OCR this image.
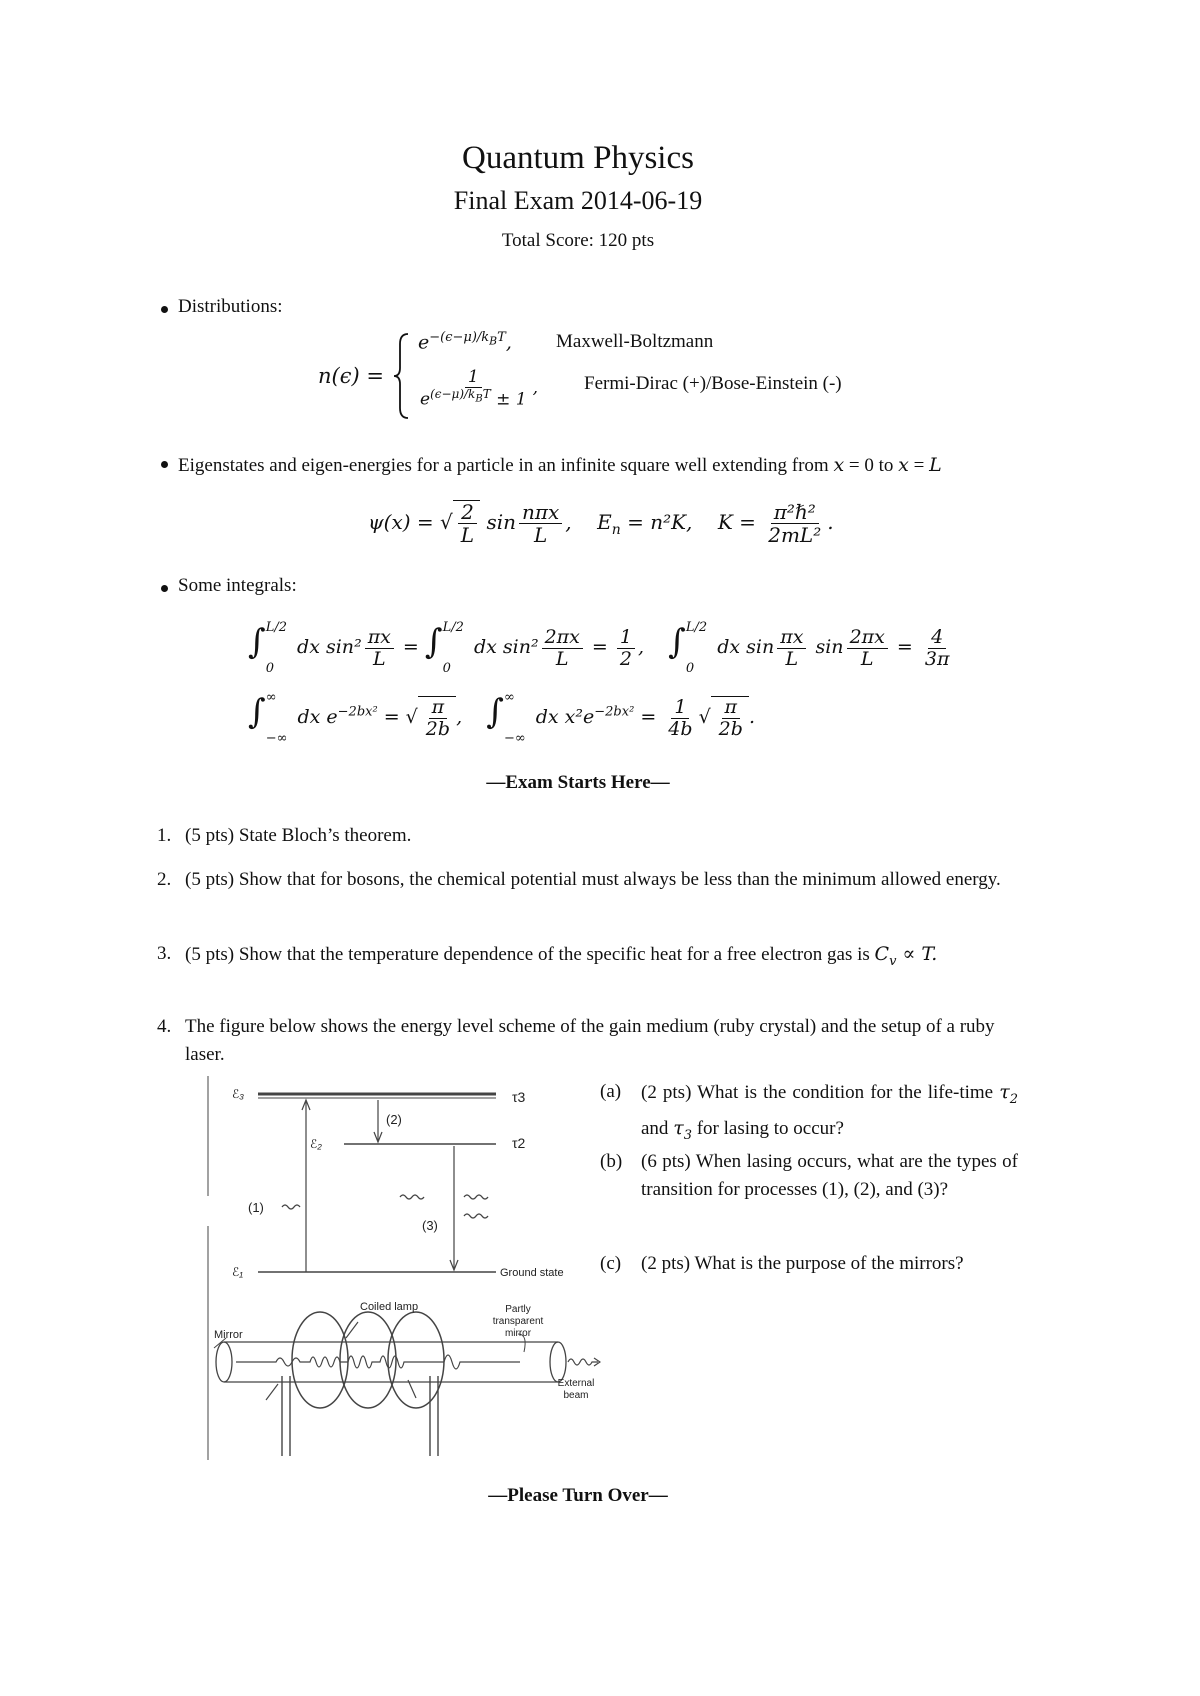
Quantum Physics
Final Exam 2014-06-19
Total Score: 120 pts
Distributions:
n(ϵ) =
$e^{-(\epsilon-\mu)/k_BT}$, Maxwell-Boltzmann
$\frac{1}{e^{(\epsilon-\mu)/k_BT} \pm 1}$ , Fermi-Dirac (+)/Bose-Einstein (-)
Eigenstates and eigen-energies for a particle in an infinite square well extending from x = 0 to x = L
ψ(x) = √ $\frac{2}{L}$ $\sin \frac{\text{nπx}}{L}$ ,    $E_n = n^2K$,    $K = \frac{\text{π²ℏ²}}{\text{2mL²}}$ .
Some integrals:
∫ L/2
0
dx $\sin^2 \frac{\pi x}{L}$ = ∫ L/2
0
dx $\sin^2 \frac{2\pi x}{L} = \frac{1}{2}$ ,    ∫ L/2
0
dx $\sin \frac{\pi x}{L}$ $\sin \frac{2\pi x}{L} = \frac{4}{3\pi}$
∫ ∞
−∞
dx $e^{-2bx^2}$ = √ $\frac{\pi}{2b}$ ,    ∫ ∞
−∞
dx $x^2e^{-2bx^2} = \frac{1}{4b}$ √ $\frac{\pi}{2b}$ .
—Exam Starts Here—
1. (5 pts) State Bloch’s theorem.
2. (5 pts) Show that for bosons, the chemical potential must always be less than the minimum allowed energy.
3. (5 pts) Show that the temperature dependence of the specific heat for a free electron gas is $C_v \propto T$.
4. The figure below shows the energy level scheme of the gain medium (ruby crystal) and the setup of a ruby laser.
ℰ₃
ℰ₂
ℰ₁
τ3
τ2
(2)
(1)
(3)
Ground state
Coiled lamp
Mirror
Partly
transparent
mirror
External
beam
(a) (2 pts) What is the condition for the life-time $\tau_2$ and $\tau_3$ for lasing to occur?
(b) (6 pts) When lasing occurs, what are the types of transition for processes (1), (2), and (3)?
(c) (2 pts) What is the purpose of the mirrors?
—Please Turn Over—
